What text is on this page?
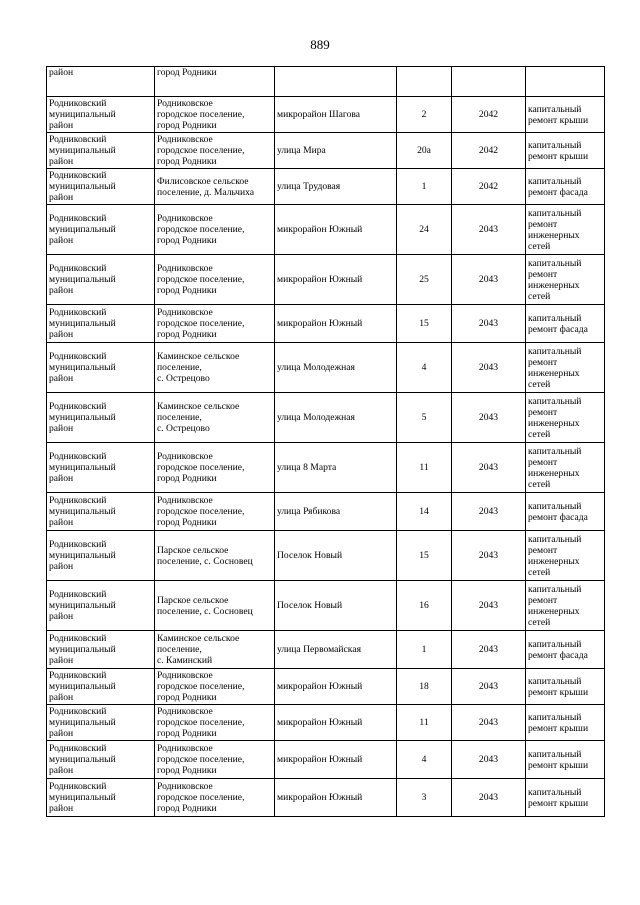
889
район	город Родники				
Родниковский
муниципальный
район	Родниковское
городское поселение,
город Родники	микрорайон Шагова	2	2042	капитальный
ремонт крыши
Родниковский
муниципальный
район	Родниковское
городское поселение,
город Родники	улица Мира	20а	2042	капитальный
ремонт крыши
Родниковский
муниципальный
район	Филисовское сельское
поселение, д. Мальчиха	улица Трудовая	1	2042	капитальный
ремонт фасада
Родниковский
муниципальный
район	Родниковское
городское поселение,
город Родники	микрорайон Южный	24	2043	капитальный
ремонт
инженерных
сетей
Родниковский
муниципальный
район	Родниковское
городское поселение,
город Родники	микрорайон Южный	25	2043	капитальный
ремонт
инженерных
сетей
Родниковский
муниципальный
район	Родниковское
городское поселение,
город Родники	микрорайон Южный	15	2043	капитальный
ремонт фасада
Родниковский
муниципальный
район	Каминское сельское
поселение,
с. Острецово	улица Молодежная	4	2043	капитальный
ремонт
инженерных
сетей
Родниковский
муниципальный
район	Каминское сельское
поселение,
с. Острецово	улица Молодежная	5	2043	капитальный
ремонт
инженерных
сетей
Родниковский
муниципальный
район	Родниковское
городское поселение,
город Родники	улица 8 Марта	11	2043	капитальный
ремонт
инженерных
сетей
Родниковский
муниципальный
район	Родниковское
городское поселение,
город Родники	улица Рябикова	14	2043	капитальный
ремонт фасада
Родниковский
муниципальный
район	Парское сельское
поселение, с. Сосновец	Поселок Новый	15	2043	капитальный
ремонт
инженерных
сетей
Родниковский
муниципальный
район	Парское сельское
поселение, с. Сосновец	Поселок Новый	16	2043	капитальный
ремонт
инженерных
сетей
Родниковский
муниципальный
район	Каминское сельское
поселение,
с. Каминский	улица Первомайская	1	2043	капитальный
ремонт фасада
Родниковский
муниципальный
район	Родниковское
городское поселение,
город Родники	микрорайон Южный	18	2043	капитальный
ремонт крыши
Родниковский
муниципальный
район	Родниковское
городское поселение,
город Родники	микрорайон Южный	11	2043	капитальный
ремонт крыши
Родниковский
муниципальный
район	Родниковское
городское поселение,
город Родники	микрорайон Южный	4	2043	капитальный
ремонт крыши
Родниковский
муниципальный
район	Родниковское
городское поселение,
город Родники	микрорайон Южный	3	2043	капитальный
ремонт крыши
